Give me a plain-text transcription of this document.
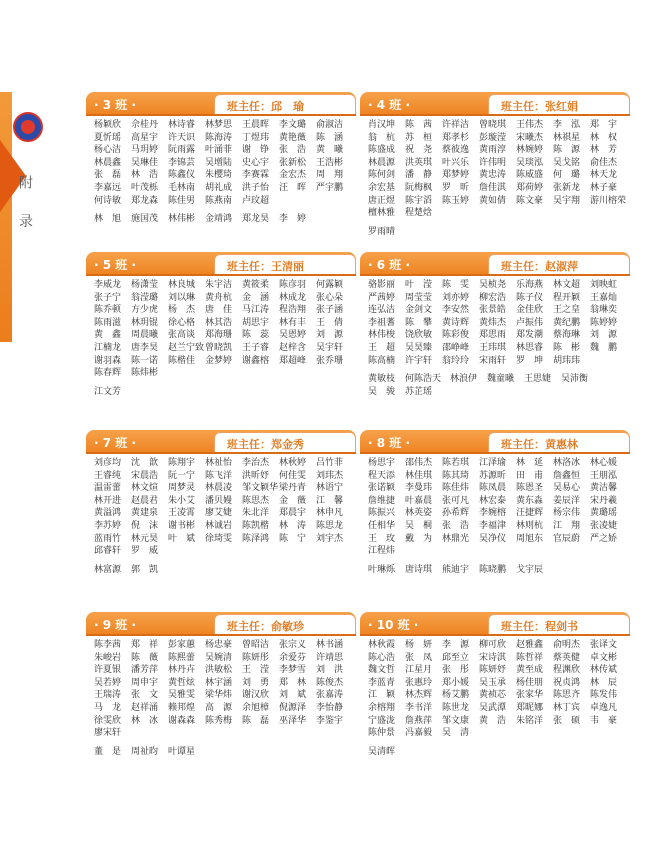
附 录
· 3 班 ·	班主任：邱　瑜
杨颖欣	佘桂丹	林诗睿	林梦思	王晨晖	李文璐	俞淑洁
夏忻瑶	高星宇	许天识	陈海涛	丁煜玮	黄艳薇	陈　涵
杨心洁	马玥婷	阮雨露	叶涌菲	谢　铮	张　浩	黄　曦
林晨鑫	吴琳佳	李锦芸	吴增陆	史心宇	张新松	王浩彬
张　磊	林　浩	陈鑫仪	朱樱琦	李赛霖	金宏杰	周　翔
李嘉远	叶茂栎	毛林南	胡礼成	洪子怡	汪　晖	严宇鹏
何诗敏	郑龙森	陈佳男	陈燕南	卢玟超
林　旭	施国茂	林伟彬	金靖鸿	郑龙昊	李　婷
· 4 班 ·	班主任：张红娟
肖汉坤	陈　茜	许祥洁	曾晓琪	王伟杰	李　泓	郑　宇
翁　杭	苏　桓	郑孝杉	彭璇滢	宋曦杰	林祺星	林　权
陈盛成	祝　尧	蔡彼逸	黄雨淳	林婉婷	陈　源	林　芳
林晨源	洪英琪	叶兴乐	许伟明	吴琰泓	吴戈铭	俞佳杰
陈何剑	潘　静	郑梦婷	黄忠涛	陈威盛	何　璐	林天龙
余宏基	阮梅枫	罗　昕	詹佳淇	郑荷婷	张新龙	林子豪
唐正煜	陈宇滔	陈玉婷	黄如倩	陈文豪	吴宇翔	游川榕荣
檀林雅	程楚焓
罗雨晴
· 5 班 ·	班主任：王清丽
李威龙	杨潇莹	林良城	朱宇洁	黄筱柔	陈彦羽	何露颖
张子宁	翁滢璐	刘以琳	黄舟杭	金　涵	林成龙	张心朵
陈乔顿	方少虎	杨　杰	唐　佳	马江涛	程浩翔	张子涵
陈雨滋	林玥锟	徐心格	林其浩	胡思宇	林有丰	王　倩
黄　鑫	周晨曦	张高谈	郑海珊	陈　蕊	吴恩婷	刘　源
江楠龙	唐李昊	赵兰宁致 曾晓凯	王子睿	赵梓含	吴宇轩
谢羽森	陈一诺	陈楷佳	金梦婷	谢鑫榕	郑超峰	张乔珊
陈春辉	陈炜彬
江文芳
· 6 班 ·	班主任：赵淑萍
骆影丽	叶　滢	陈　雯	吴桢尧	乐海燕	林文超	刘映虹
严茜婷	周莹莹	刘亦婷	柳宏浩	陈子仪	程开颖	王嘉灿
连弘洁	金剑文	李安然	张景皓	金佳欣	王之皇	翁琳奕
李祖蓍	陈　攀	黄诗辉	黄炜杰	卢振伟	黄纪鹏	陈婷婷
林伟梭	饶欣敏	陈彩俊	郑思雨	郑发潮	蔡海琳	刘　源
王　超	吴昊臻	邵峥峰	王玮琪	林思睿	陈　彬	魏　鹏
陈高楠	许宇轩	翁玲玲	宋雨轩	罗　坤	胡玮玮
黄敏枝	何陈浩天 林浪伊	魏童曦	王思婕	吴沛衡
吴　骏	苏芷瑶
· 7 班 ·	班主任：郑金秀
刘彦均	沈　歆	陈翔宇	林祉怡	李治杰	林秋婷	吕竹菲
王睿纯	宋晨浩	阮一宁	陈飞洋	洪昕妤	何佳雯	刘玮杰
温雷蕾	林文煊	周梦灵	林晨凌	邹文颖华 梁丹青	林语宁
林开进	赵晨君	朱小艾	潘贝嫚	陈思杰	金　薇	江　馨
黄溢鸿	黄建泉	王凌霄	廖艾婕	朱北洋	郑晨宇	林申凡
李苏婷	倪　沫	谢书彬	林诚岩	陈凯楷	林　涛	陈思龙
蓝雨竹	林元昊	叶　斌	徐琦雯	陈泽鸿	陈　宁	刘宇杰
邱睿轩	罗　威
林富源	郭　凯
· 8 班 ·	班主任：黄惠林
杨思宇	邵伟杰	陈若琪	江泽瑜	林　延	林洛冰	林心媛
程天添	林佳琪	陈其琦	苏源昕	田　甫	詹鑫恒	王朋泓
张诺颖	李曼玮	陈佳炜	陈凤晨	陈恩圣	吴易心	黄洁馨
詹维捷	叶嘉晨	张可凡	林宏泰	黄东淼	姜辰洋	宋丹羲
陈振兴	林英姿	孙希辉	李婉榕	汪捷辉	杨宗伟	黄璐瑶
任相华	吴　桐	张　浩	李福津	林则杭	江　翔	张凌婕
王　玫	戴　为	林鼎光	吴净仪	周旭东	官辰蔚	严之娇
江程炜
叶琳烁	唐诗琪	熊迪宇	陈晓鹏	戈宇辰
· 9 班 ·	班主任：俞敏珍
陈李茜	郑　祥	彭家蕙	杨忠豪	曾昭洁	张宗义	林书涵
朱峻岩	陈　薇	陈熙蕾	吴婉清	陈妍彤	余爱芬	许靖思
许夏银	潘芳萍	林丹卉	洪敏松	王　滢	李梦雪	刘　洪
吴若婷	周申宇	黄哲炫	林宇涵	刘　勇	郑　林	陈俊杰
王瑞涛	张　文	吴雅雯	梁华炜	谢汉欣	刘　斌	张嘉涛
马　龙	赵祥涌	赖邦煌	高　源	余旭樟	倪源泽	李怡静
徐雯欣	林　冰	谢森森	陈秀梅	陈　磊	巫泽华	李鉴宇
廖宋轩
董　是	周祉昀	叶谭星
· 10 班 ·	班主任：程剑书
林秋霞	杨　妍	李　源	柳可欣	赵雅鑫	俞明杰	张译文
陈心浩	张　凤	邱至立	宋诗淇	陈哲祥	蔡英健	卓文彬
魏文哲	江星月	张　彤	陈妍妤	黄至成	程渊欣	林传斌
李蓝青	张惠玲	郑小媛	吴玉承	杨佳朋	祝贞鸿	林　辰
江　颖	林杰辉	杨艾鹏	黄祯芯	张家华	陈思齐	陈发伟
余榕翔	李书洋	陈世龙	吴武潭	郑昵娜	林丁宾	卓逸凡
宁盛泷	詹燕萍	邹文康	黄　浩	朱铭洋	张　硕	韦　豪
陈仲景	冯嘉毅	吴　清
吴清晖
